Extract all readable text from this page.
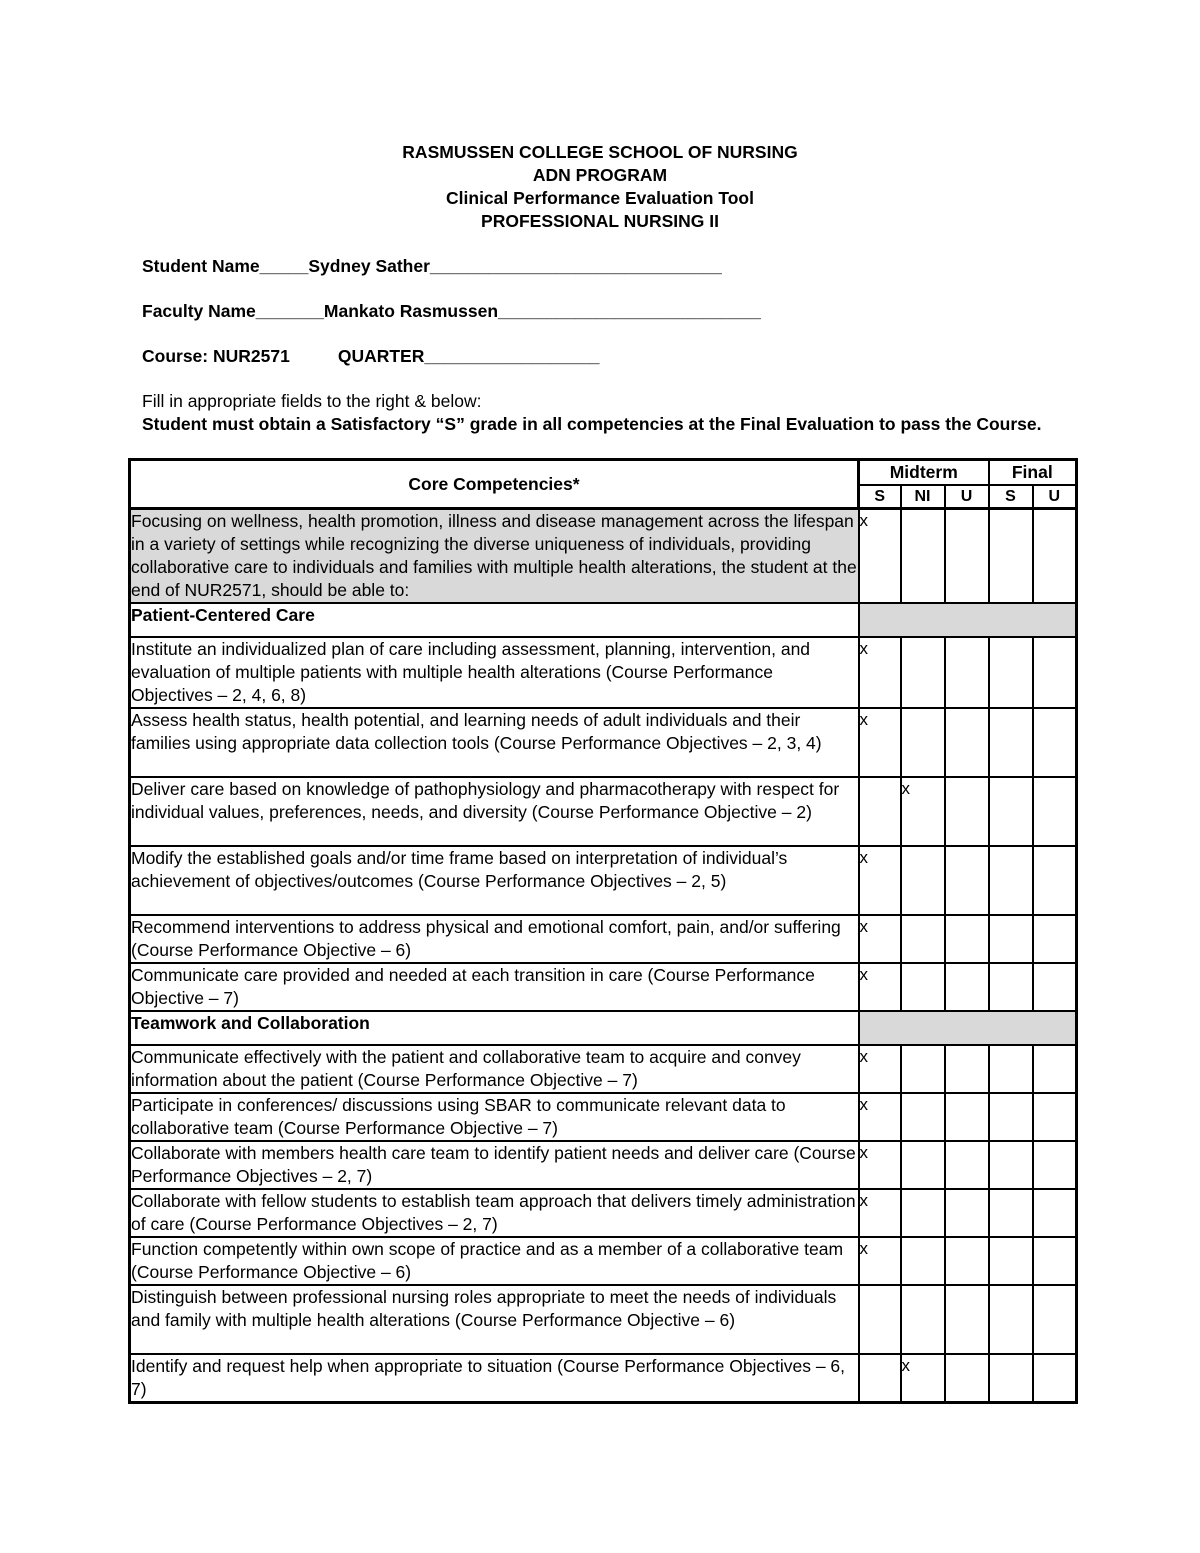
RASMUSSEN COLLEGE SCHOOL OF NURSING
ADN PROGRAM
Clinical Performance Evaluation Tool
PROFESSIONAL NURSING II
Student Name_____Sydney Sather______________________________
Faculty Name_______Mankato Rasmussen___________________________
Course: NUR2571	QUARTER__________________
Fill in appropriate fields to the right & below:
Student must obtain a Satisfactory “S” grade in all competencies at the Final Evaluation to pass the Course.
Core Competencies*	Midterm			Final	
	S	NI	U	S	U
Focusing on wellness, health promotion, illness and disease management across the lifespan in a variety of settings while recognizing the diverse uniqueness of individuals, providing collaborative care to individuals and families with multiple health alterations, the student at the end of NUR2571, should be able to:	x				
Patient-Centered Care					
Institute an individualized plan of care including assessment, planning, intervention, and evaluation of multiple patients with multiple health alterations (Course Performance Objectives – 2, 4, 6, 8)	x				
Assess health status, health potential, and learning needs of adult individuals and their families using appropriate data collection tools (Course Performance Objectives – 2, 3, 4)	x				
Deliver care based on knowledge of pathophysiology and pharmacotherapy with respect for individual values, preferences, needs, and diversity (Course Performance Objective – 2)		x			
Modify the established goals and/or time frame based on interpretation of individual’s achievement of objectives/outcomes (Course Performance Objectives – 2, 5)	x				
Recommend interventions to address physical and emotional comfort, pain, and/or suffering (Course Performance Objective – 6)	x				
Communicate care provided and needed at each transition in care (Course Performance Objective – 7)	x				
Teamwork and Collaboration					
Communicate effectively with the patient and collaborative team to acquire and convey information about the patient (Course Performance Objective – 7)	x				
Participate in conferences/ discussions using SBAR to communicate relevant data to collaborative team (Course Performance Objective – 7)	x				
Collaborate with members health care team to identify patient needs and deliver care (Course Performance Objectives – 2, 7)	x				
Collaborate with fellow students to establish team approach that delivers timely administration of care (Course Performance Objectives – 2, 7)	x				
Function competently within own scope of practice and as a member of a collaborative team (Course Performance Objective – 6)	x				
Distinguish between professional nursing roles appropriate to meet the needs of individuals and family with multiple health alterations (Course Performance Objective – 6)					
Identify and request help when appropriate to situation (Course Performance Objectives – 6, 7)		x			
